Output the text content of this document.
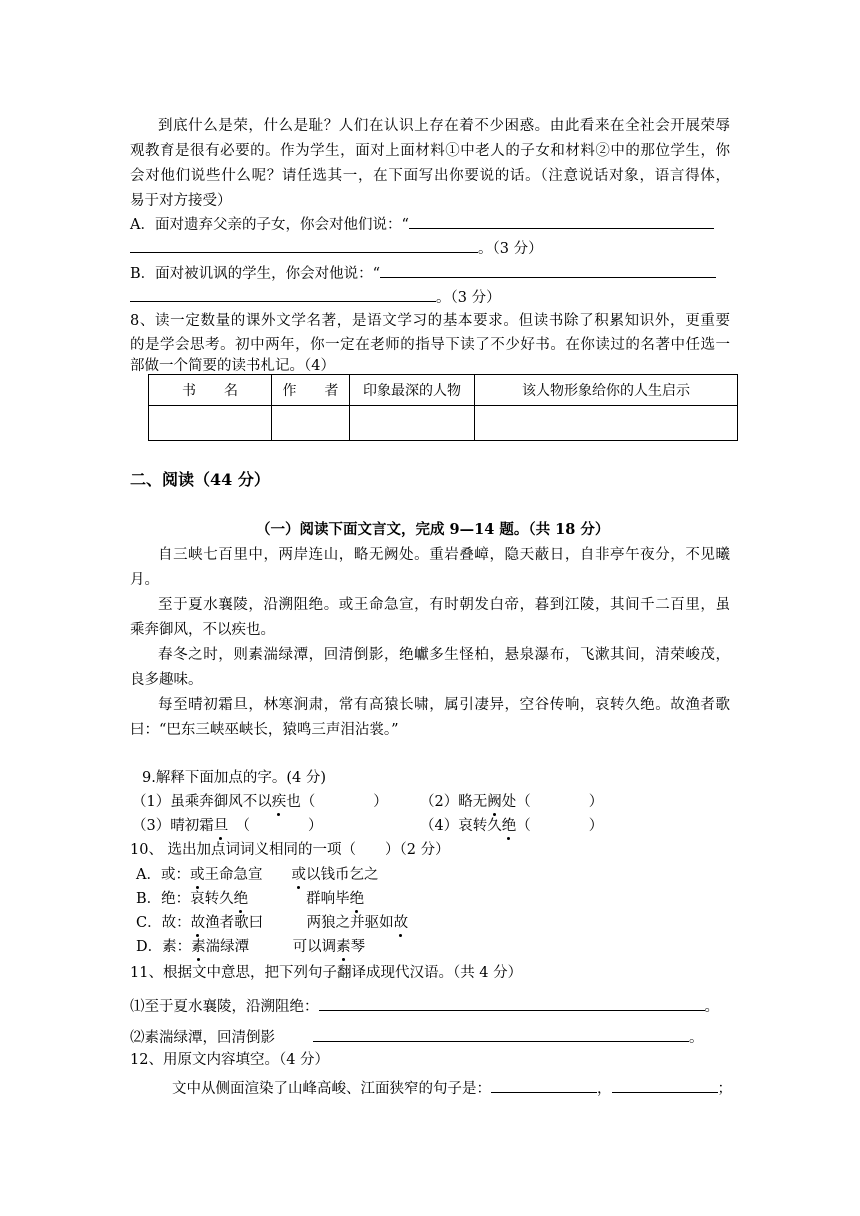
到底什么是荣，什么是耻？人们在认识上存在着不少困惑。由此看来在全社会开展荣辱
观教育是很有必要的。作为学生，面对上面材料①中老人的子女和材料②中的那位学生，你
会对他们说些什么呢？请任选其一，在下面写出你要说的话。（注意说话对象，语言得体，
易于对方接受）
A．面对遗弃父亲的子女，你会对他们说：“
。（3 分）
B．面对被讥讽的学生，你会对他说：“
。（3 分）
8、读一定数量的课外文学名著，是语文学习的基本要求。但读书除了积累知识外，更重要
的是学会思考。初中两年，你一定在老师的指导下读了不少好书。在你读过的名著中任选一
部做一个简要的读书札记。（4）
书　　名	作　　者	印象最深的人物	该人物形象给你的人生启示

二、阅读（44 分）
（一）阅读下面文言文，完成 9—14 题。（共 18 分）
自三峡七百里中，两岸连山，略无阙处。重岩叠嶂，隐天蔽日，自非亭午夜分，不见曦
月。
至于夏水襄陵，沿溯阻绝。或王命急宣，有时朝发白帝，暮到江陵，其间千二百里，虽
乘奔御风，不以疾也。
春冬之时，则素湍绿潭，回清倒影，绝巘多生怪柏，悬泉瀑布，飞漱其间，清荣峻茂，
良多趣味。
每至晴初霜旦，林寒涧肃，常有高猿长啸，属引凄异，空谷传响，哀转久绝。故渔者歌
曰：“巴东三峡巫峡长，猿鸣三声泪沾裳。”
9.解释下面加点的字。(4 分)
（1）虽乘奔御风不以疾也（　　　　） （2）略无阙处（　　　　）
（3）晴初霜旦　（　　　　）	（4）哀转久绝（　　　　）
10、 选出加点词词义相同的一项（　　）（2 分）
A．或：或王命急宣　　或以钱币乞之
B．绝：哀转久绝　　　　群响毕绝
C．故：故渔者歌曰　　　两狼之并驱如故
D．素：素湍绿潭　　　可以调素琴
11、根据文中意思，把下列句子翻译成现代汉语。（共 4 分）
⑴至于夏水襄陵，沿溯阻绝：	。
⑵素湍绿潭，回清倒影	。
12、用原文内容填空。（4 分）
文中从侧面渲染了山峰高峻、江面狭窄的句子是：	，	；
